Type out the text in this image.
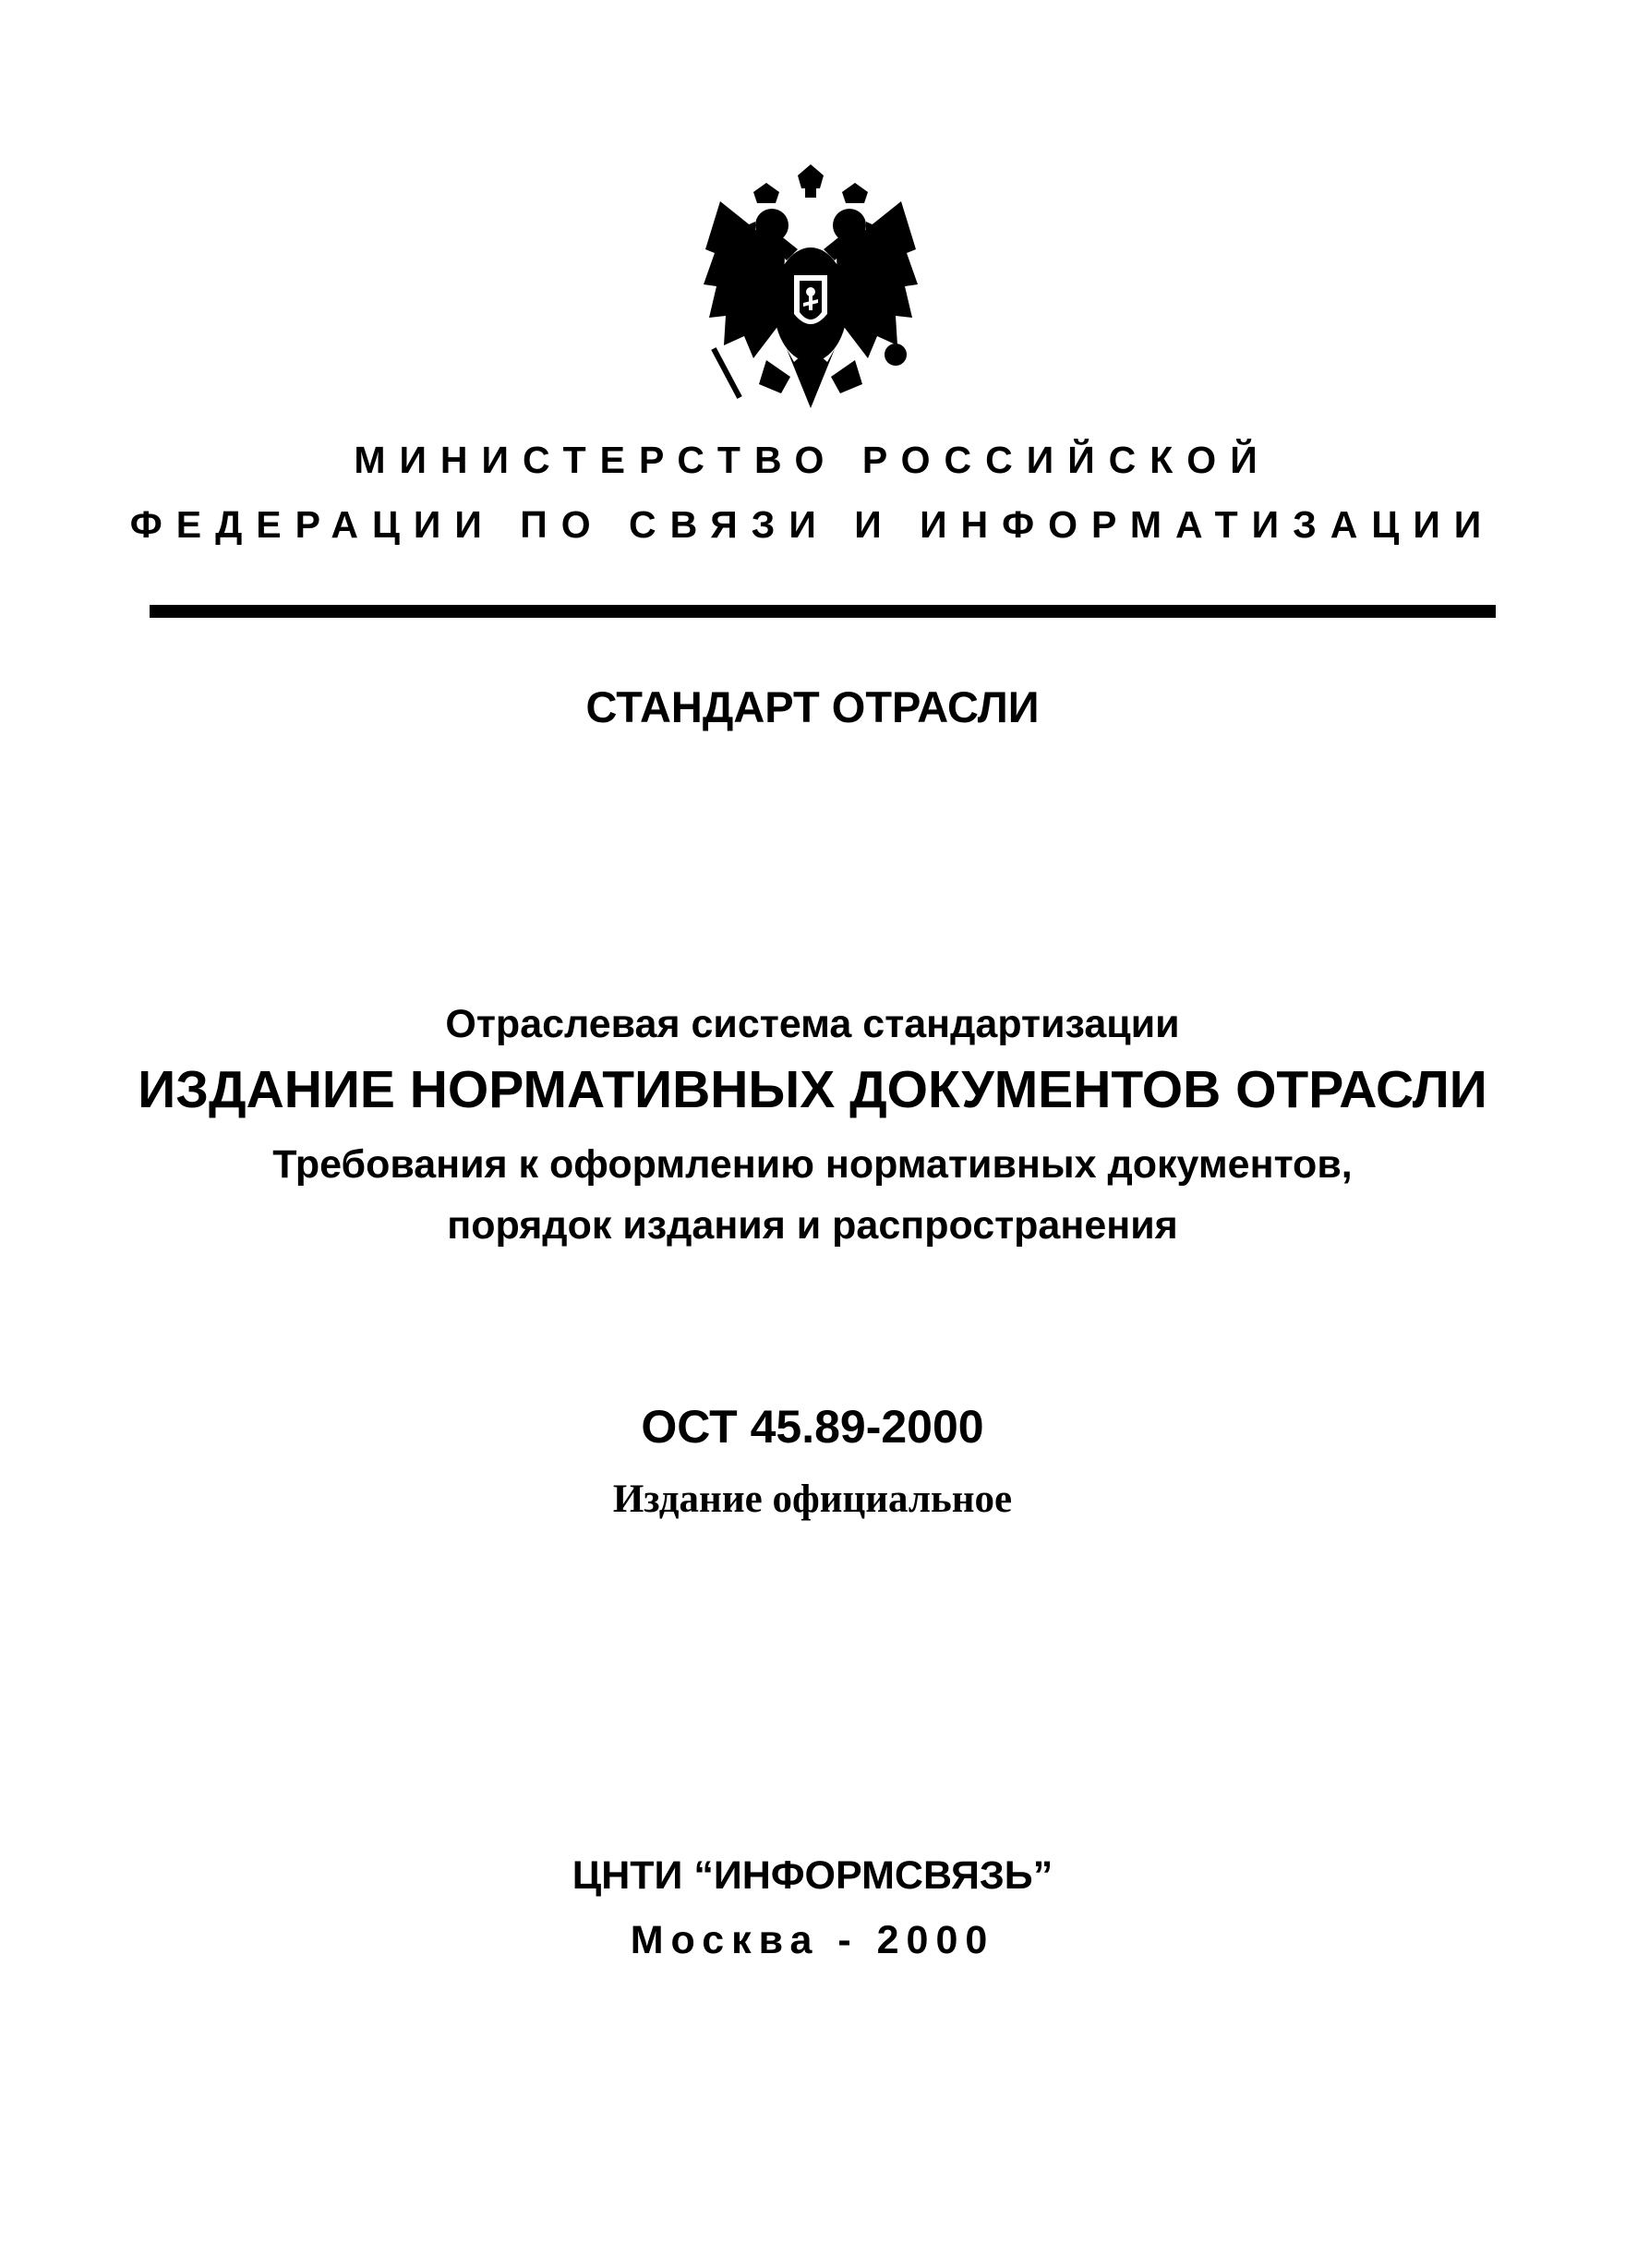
МИНИСТЕРСТВО РОССИЙСКОЙ
ФЕДЕРАЦИИ ПО СВЯЗИ И ИНФОРМАТИЗАЦИИ
СТАНДАРТ ОТРАСЛИ
Отраслевая система стандартизации
ИЗДАНИЕ НОРМАТИВНЫХ ДОКУМЕНТОВ ОТРАСЛИ
Требования к оформлению нормативных документов,
порядок издания и распространения
ОСТ 45.89-2000
Издание официальное
ЦНТИ “ИНФОРМСВЯЗЬ”
Москва - 2000
